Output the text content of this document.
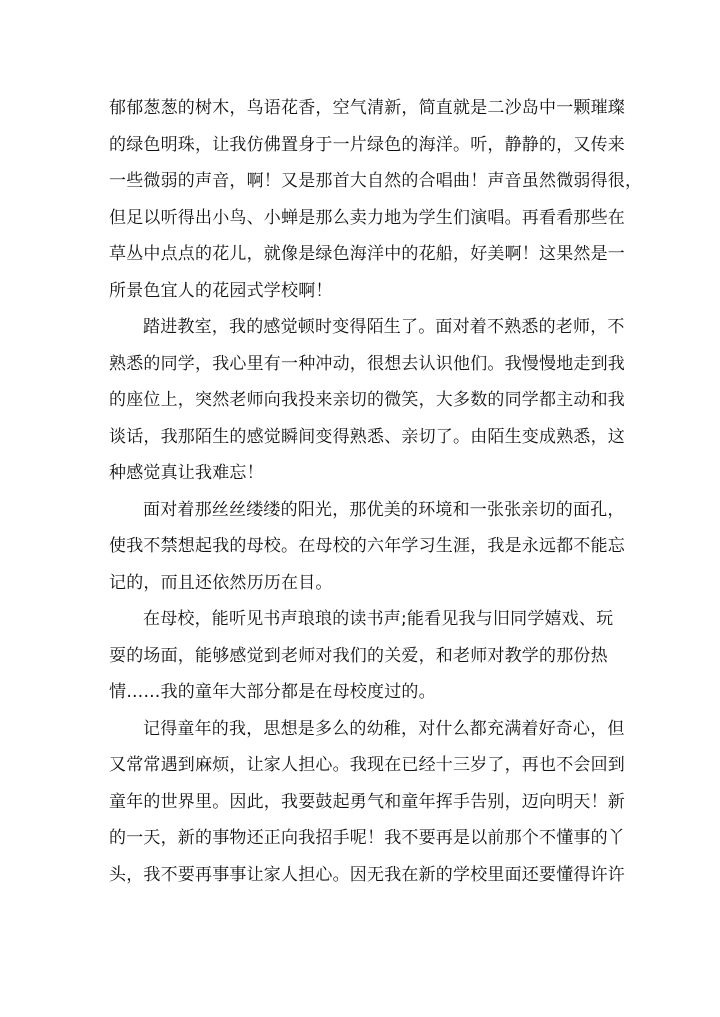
郁郁葱葱的树木，鸟语花香，空气清新，简直就是二沙岛中一颗璀璨
的绿色明珠，让我仿佛置身于一片绿色的海洋。听，静静的，又传来
一些微弱的声音，啊！又是那首大自然的合唱曲！声音虽然微弱得很，
但足以听得出小鸟、小蝉是那么卖力地为学生们演唱。再看看那些在
草丛中点点的花儿，就像是绿色海洋中的花船，好美啊！这果然是一
所景色宜人的花园式学校啊！
踏进教室，我的感觉顿时变得陌生了。面对着不熟悉的老师，不
熟悉的同学，我心里有一种冲动，很想去认识他们。我慢慢地走到我
的座位上，突然老师向我投来亲切的微笑，大多数的同学都主动和我
谈话，我那陌生的感觉瞬间变得熟悉、亲切了。由陌生变成熟悉，这
种感觉真让我难忘！
面对着那丝丝缕缕的阳光，那优美的环境和一张张亲切的面孔，
使我不禁想起我的母校。在母校的六年学习生涯，我是永远都不能忘
记的，而且还依然历历在目。
在母校，能听见书声琅琅的读书声;能看见我与旧同学嬉戏、玩
耍的场面，能够感觉到老师对我们的关爱，和老师对教学的那份热
情……我的童年大部分都是在母校度过的。
记得童年的我，思想是多么的幼稚，对什么都充满着好奇心，但
又常常遇到麻烦，让家人担心。我现在已经十三岁了，再也不会回到
童年的世界里。因此，我要鼓起勇气和童年挥手告别，迈向明天！新
的一天，新的事物还正向我招手呢！我不要再是以前那个不懂事的丫
头，我不要再事事让家人担心。因无我在新的学校里面还要懂得许许
